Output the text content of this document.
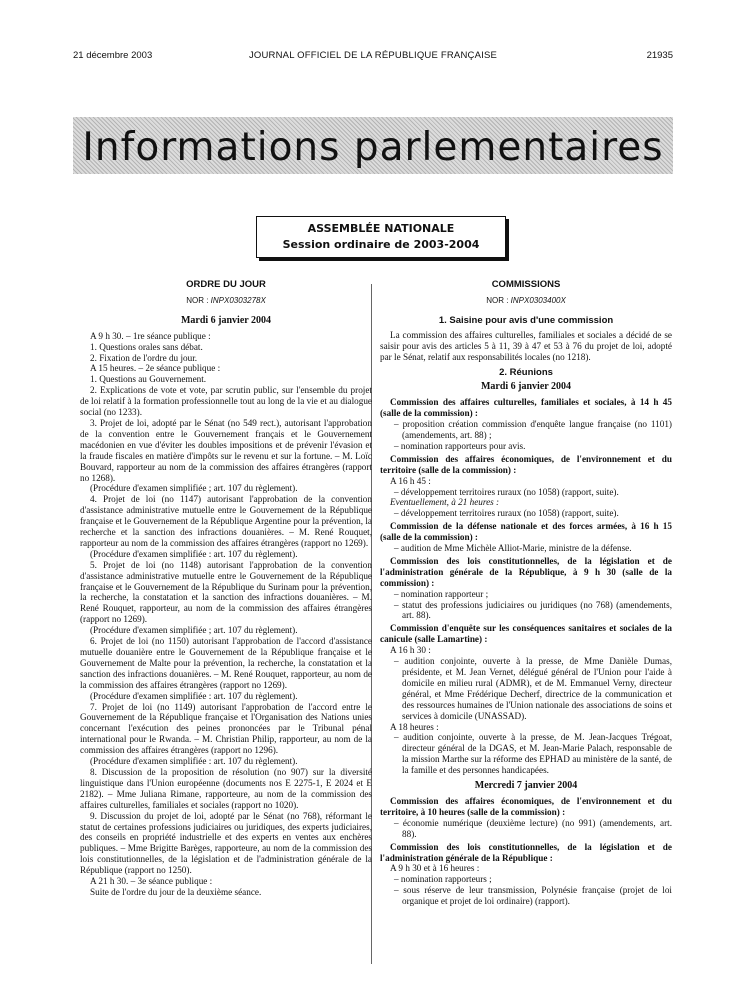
21 décembre 2003	JOURNAL OFFICIEL DE LA RÉPUBLIQUE FRANÇAISE	21935
Informations parlementaires
ASSEMBLÉE NATIONALE
Session ordinaire de 2003-2004
ORDRE DU JOUR
NOR : INPX0303278X
Mardi 6 janvier 2004

A 9 h 30. – 1re séance publique :

1. Questions orales sans débat.

2. Fixation de l'ordre du jour.

A 15 heures. – 2e séance publique :

1. Questions au Gouvernement.

2. Explications de vote et vote, par scrutin public, sur l'ensemble du projet de loi relatif à la formation professionnelle tout au long de la vie et au dialogue social (no 1233).

3. Projet de loi, adopté par le Sénat (no 549 rect.), autorisant l'approbation de la convention entre le Gouvernement français et le Gouvernement macédonien en vue d'éviter les doubles impositions et de prévenir l'évasion et la fraude fiscales en matière d'impôts sur le revenu et sur la fortune. – M. Loïc Bouvard, rapporteur au nom de la commission des affaires étrangères (rapport no 1268).

(Procédure d'examen simplifiée ; art. 107 du règlement).

4. Projet de loi (no 1147) autorisant l'approbation de la convention d'assistance administrative mutuelle entre le Gouvernement de la République française et le Gouvernement de la République Argentine pour la prévention, la recherche et la sanction des infractions douanières. – M. René Rouquet, rapporteur au nom de la commission des affaires étrangères (rapport no 1269).

(Procédure d'examen simplifiée : art. 107 du règlement).

5. Projet de loi (no 1148) autorisant l'approbation de la convention d'assistance administrative mutuelle entre le Gouvernement de la République française et le Gouvernement de la République du Surinam pour la prévention, la recherche, la constatation et la sanction des infractions douanières. – M. René Rouquet, rapporteur, au nom de la commission des affaires étrangères (rapport no 1269).

(Procédure d'examen simplifiée ; art. 107 du règlement).

6. Projet de loi (no 1150) autorisant l'approbation de l'accord d'assistance mutuelle douanière entre le Gouvernement de la République française et le Gouvernement de Malte pour la prévention, la recherche, la constatation et la sanction des infractions douanières. – M. René Rouquet, rapporteur, au nom de la commission des affaires étrangères (rapport no 1269).

(Procédure d'examen simplifiée : art. 107 du règlement).

7. Projet de loi (no 1149) autorisant l'approbation de l'accord entre le Gouvernement de la République française et l'Organisation des Nations unies concernant l'exécution des peines prononcées par le Tribunal pénal international pour le Rwanda. – M. Christian Philip, rapporteur, au nom de la commission des affaires étrangères (rapport no 1296).

(Procédure d'examen simplifiée : art. 107 du règlement).

8. Discussion de la proposition de résolution (no 907) sur la diversité linguistique dans l'Union européenne (documents nos E 2275-1, E 2024 et E 2182). – Mme Juliana Rimane, rapporteure, au nom de la commission des affaires culturelles, familiales et sociales (rapport no 1020).

9. Discussion du projet de loi, adopté par le Sénat (no 768), réformant le statut de certaines professions judiciaires ou juridiques, des experts judiciaires, des conseils en propriété industrielle et des experts en ventes aux enchères publiques. – Mme Brigitte Barèges, rapporteure, au nom de la commission des lois constitutionnelles, de la législation et de l'administration générale de la République (rapport no 1250).

A 21 h 30. – 3e séance publique :

Suite de l'ordre du jour de la deuxième séance.

COMMISSIONS
NOR : INPX0303400X
1. Saisine pour avis d'une commission

La commission des affaires culturelles, familiales et sociales a décidé de se saisir pour avis des articles 5 à 11, 39 à 47 et 53 à 76 du projet de loi, adopté par le Sénat, relatif aux responsabilités locales (no 1218).

2. Réunions
Mardi 6 janvier 2004

Commission des affaires culturelles, familiales et sociales, à 14 h 45 (salle de la commission) :

– proposition création commission d'enquête langue française (no 1101) (amendements, art. 88) ;

– nomination rapporteurs pour avis.

Commission des affaires économiques, de l'environnement et du territoire (salle de la commission) :

A 16 h 45 :

– développement territoires ruraux (no 1058) (rapport, suite).

Eventuellement, à 21 heures :

– développement territoires ruraux (no 1058) (rapport, suite).

Commission de la défense nationale et des forces armées, à 16 h 15 (salle de la commission) :

– audition de Mme Michèle Alliot-Marie, ministre de la défense.

Commission des lois constitutionnelles, de la législation et de l'administration générale de la République, à 9 h 30 (salle de la commission) :

– nomination rapporteur ;

– statut des professions judiciaires ou juridiques (no 768) (amendements, art. 88).

Commission d'enquête sur les conséquences sanitaires et sociales de la canicule (salle Lamartine) :

A 16 h 30 :

– audition conjointe, ouverte à la presse, de Mme Danièle Dumas, présidente, et M. Jean Vernet, délégué général de l'Union pour l'aide à domicile en milieu rural (ADMR), et de M. Emmanuel Verny, directeur général, et Mme Frédérique Decherf, directrice de la communication et des ressources humaines de l'Union nationale des associations de soins et services à domicile (UNASSAD).

A 18 heures :

– audition conjointe, ouverte à la presse, de M. Jean-Jacques Trégoat, directeur général de la DGAS, et M. Jean-Marie Palach, responsable de la mission Marthe sur la réforme des EPHAD au ministère de la santé, de la famille et des personnes handicapées.

Mercredi 7 janvier 2004

Commission des affaires économiques, de l'environnement et du territoire, à 10 heures (salle de la commission) :

– économie numérique (deuxième lecture) (no 991) (amendements, art. 88).

Commission des lois constitutionnelles, de la législation et de l'administration générale de la République :

A 9 h 30 et à 16 heures :

– nomination rapporteurs ;

– sous réserve de leur transmission, Polynésie française (projet de loi organique et projet de loi ordinaire) (rapport).
